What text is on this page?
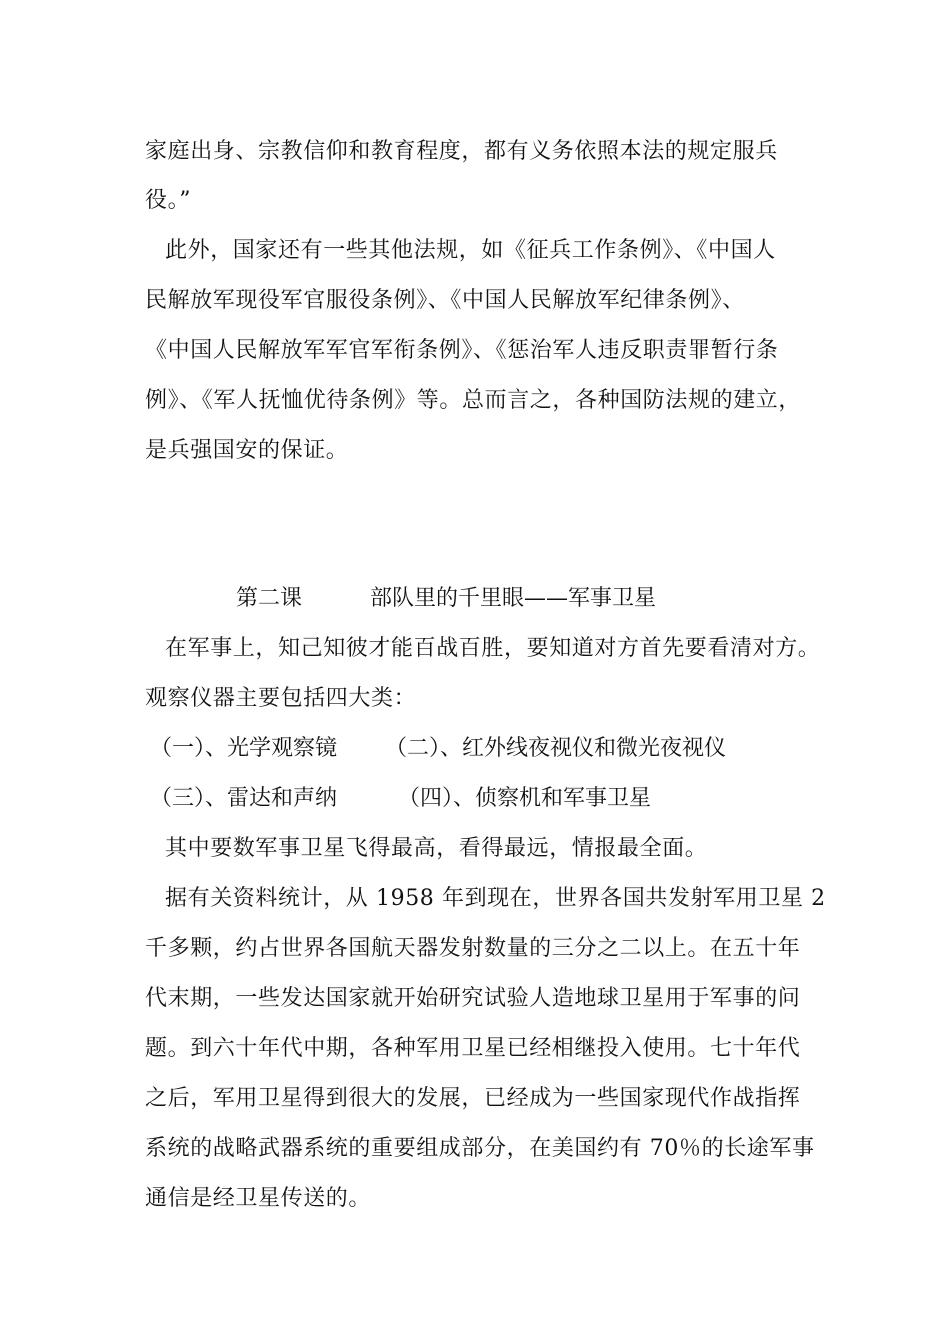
家庭出身、宗教信仰和教育程度，都有义务依照本法的规定服兵
役。”
此外，国家还有一些其他法规，如《征兵工作条例》、《中国人
民解放军现役军官服役条例》、《中国人民解放军纪律条例》、
《中国人民解放军军官军衔条例》、《惩治军人违反职责罪暂行条
例》、《军人抚恤优待条例》等。总而言之，各种国防法规的建立，
是兵强国安的保证。
第二课	部队里的千里眼——军事卫星
在军事上，知己知彼才能百战百胜，要知道对方首先要看清对方。
观察仪器主要包括四大类：
（一）、光学观察镜 （二）、红外线夜视仪和微光夜视仪
（三）、雷达和声纳	（四）、侦察机和军事卫星
其中要数军事卫星飞得最高，看得最远，情报最全面。
据有关资料统计，从 1958 年到现在，世界各国共发射军用卫星 2
千多颗，约占世界各国航天器发射数量的三分之二以上。在五十年
代末期，一些发达国家就开始研究试验人造地球卫星用于军事的问
题。到六十年代中期，各种军用卫星已经相继投入使用。七十年代
之后，军用卫星得到很大的发展，已经成为一些国家现代作战指挥
系统的战略武器系统的重要组成部分，在美国约有 70％的长途军事
通信是经卫星传送的。
